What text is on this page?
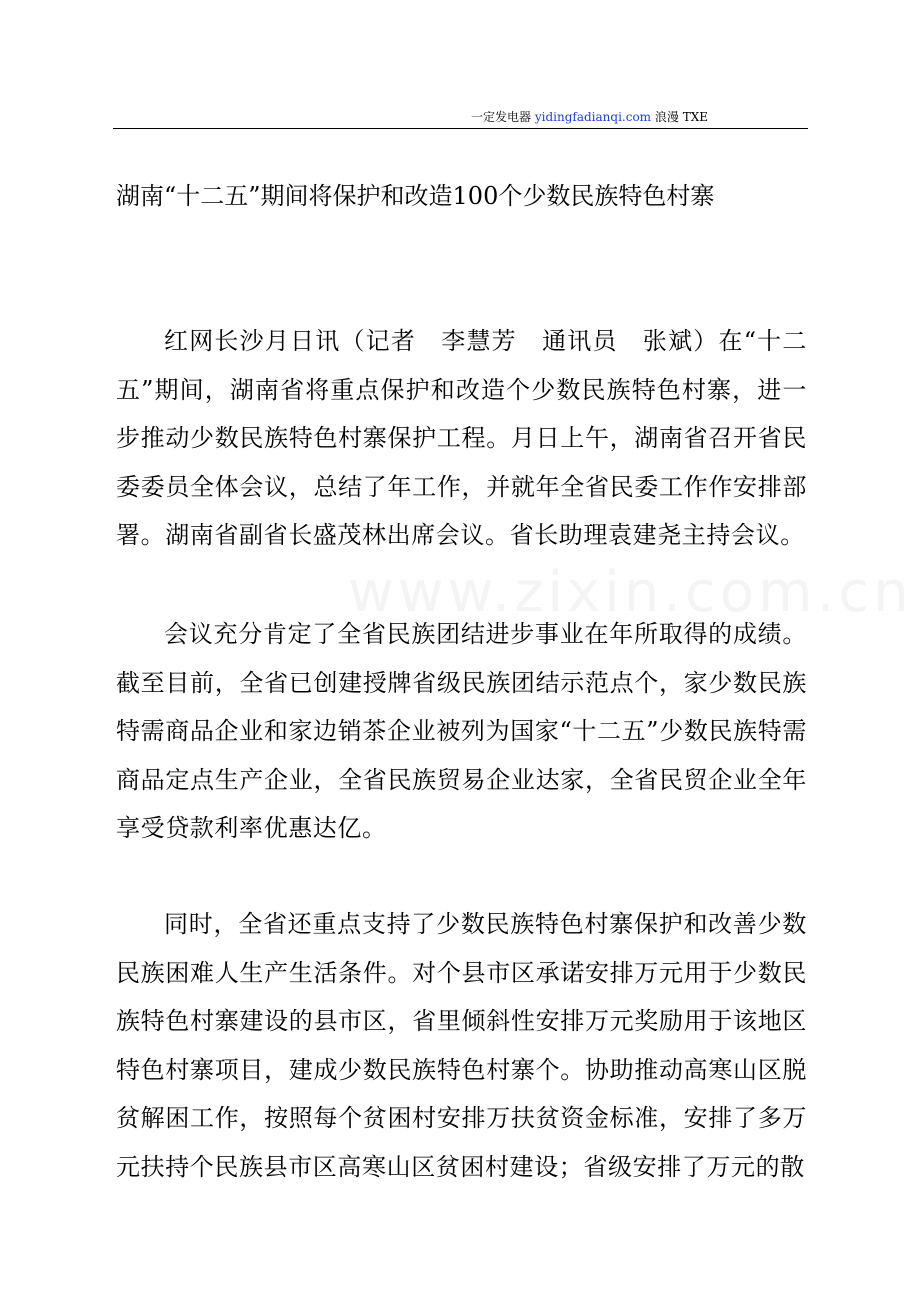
www.zixin.com.cn
一定发电器 yidingfadianqi.com 浪漫 TXE
湖南“十二五”期间将保护和改造100个少数民族特色村寨

红网长沙月日讯（记者　李慧芳　通讯员　张斌）在“十二五”期间，湖南省将重点保护和改造个少数民族特色村寨，进一步推动少数民族特色村寨保护工程。月日上午，湖南省召开省民委委员全体会议，总结了年工作，并就年全省民委工作作安排部署。湖南省副省长盛茂林出席会议。省长助理袁建尧主持会议。

会议充分肯定了全省民族团结进步事业在年所取得的成绩。截至目前，全省已创建授牌省级民族团结示范点个，家少数民族特需商品企业和家边销茶企业被列为国家“十二五”少数民族特需商品定点生产企业，全省民族贸易企业达家，全省民贸企业全年享受贷款利率优惠达亿。

同时，全省还重点支持了少数民族特色村寨保护和改善少数民族困难人生产生活条件。对个县市区承诺安排万元用于少数民族特色村寨建设的县市区，省里倾斜性安排万元奖励用于该地区特色村寨项目，建成少数民族特色村寨个。协助推动高寒山区脱贫解困工作，按照每个贫困村安排万扶贫资金标准，安排了多万元扶持个民族县市区高寒山区贫困村建设；省级安排了万元的散
